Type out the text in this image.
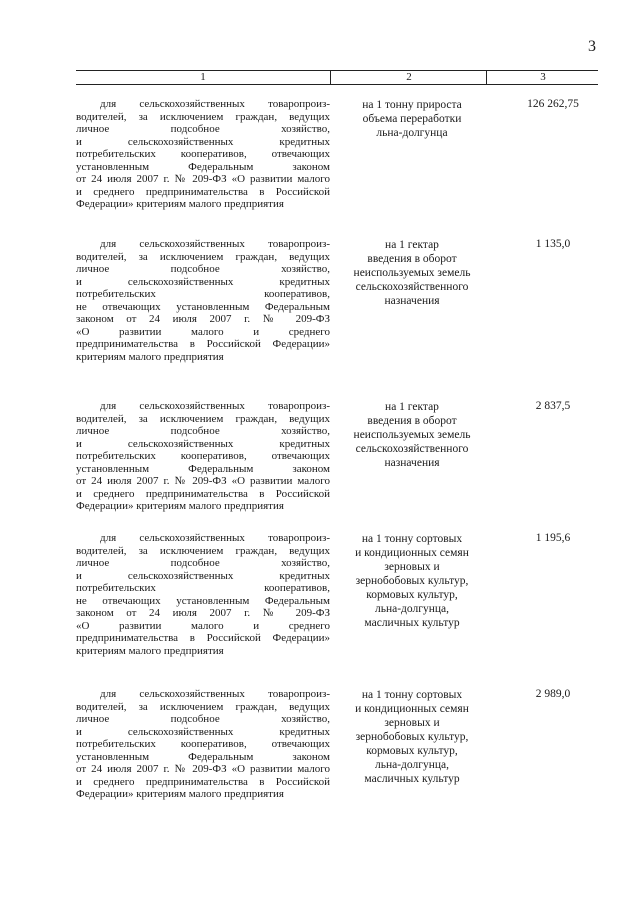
3
1	2	3
для сельскохозяйственных товаропроиз-
водителей, за исключением граждан, ведущих
личное подсобное хозяйство,
и сельскохозяйственных кредитных
потребительских кооперативов, отвечающих
установленным Федеральным законом
от 24 июля 2007 г. № 209-ФЗ «О развитии малого
и среднего предпринимательства в Российской
Федерации» критериям малого предприятия
на 1 тонну прироста
объема переработки
льна-долгунца
126 262,75
для сельскохозяйственных товаропроиз-
водителей, за исключением граждан, ведущих
личное подсобное хозяйство,
и сельскохозяйственных кредитных
потребительских кооперативов,
не отвечающих установленным Федеральным
законом от 24 июля 2007 г. № 209-ФЗ
«О развитии малого и среднего
предпринимательства в Российской Федерации»
критериям малого предприятия
на 1 гектар
введения в оборот
неиспользуемых земель
сельскохозяйственного
назначения
1 135,0
для сельскохозяйственных товаропроиз-
водителей, за исключением граждан, ведущих
личное подсобное хозяйство,
и сельскохозяйственных кредитных
потребительских кооперативов, отвечающих
установленным Федеральным законом
от 24 июля 2007 г. № 209-ФЗ «О развитии малого
и среднего предпринимательства в Российской
Федерации» критериям малого предприятия
на 1 гектар
введения в оборот
неиспользуемых земель
сельскохозяйственного
назначения
2 837,5
для сельскохозяйственных товаропроиз-
водителей, за исключением граждан, ведущих
личное подсобное хозяйство,
и сельскохозяйственных кредитных
потребительских кооперативов,
не отвечающих установленным Федеральным
законом от 24 июля 2007 г. № 209-ФЗ
«О развитии малого и среднего
предпринимательства в Российской Федерации»
критериям малого предприятия
на 1 тонну сортовых
и кондиционных семян
зерновых и
зернобобовых культур,
кормовых культур,
льна-долгунца,
масличных культур
1 195,6
для сельскохозяйственных товаропроиз-
водителей, за исключением граждан, ведущих
личное подсобное хозяйство,
и сельскохозяйственных кредитных
потребительских кооперативов, отвечающих
установленным Федеральным законом
от 24 июля 2007 г. № 209-ФЗ «О развитии малого
и среднего предпринимательства в Российской
Федерации» критериям малого предприятия
на 1 тонну сортовых
и кондиционных семян
зерновых и
зернобобовых культур,
кормовых культур,
льна-долгунца,
масличных культур
2 989,0
